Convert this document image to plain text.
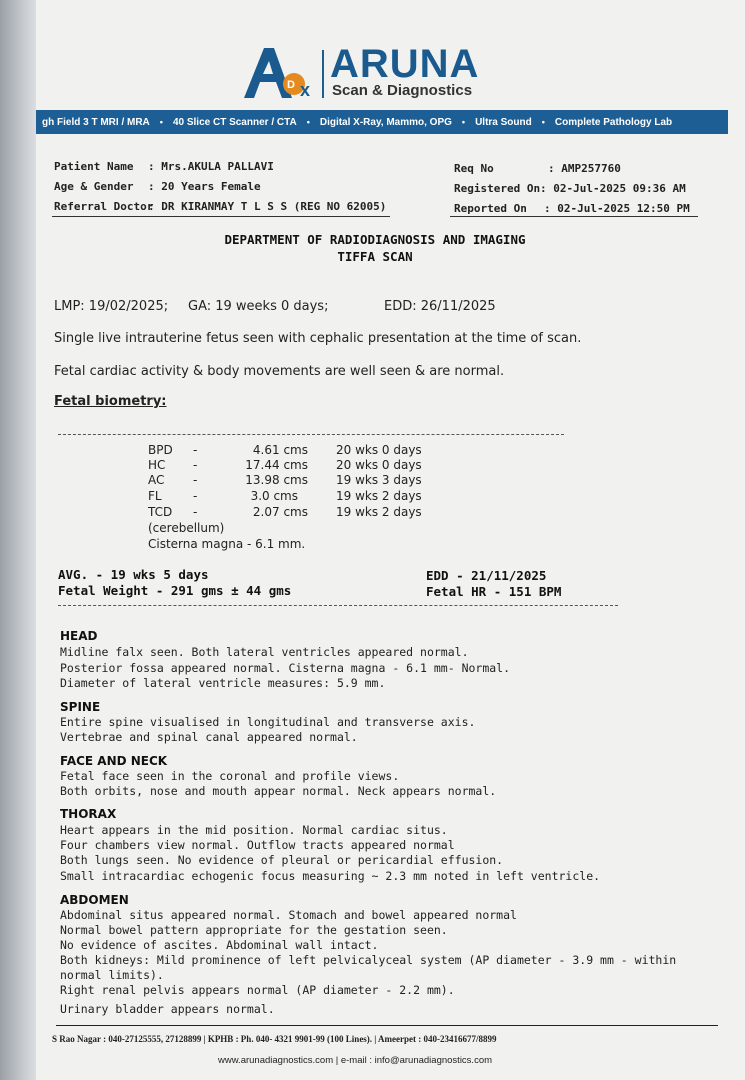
D x
ARUNA
Scan & Diagnostics
gh Field 3 T MRI / MRA • 40 Slice CT Scanner / CTA • Digital X-Ray, Mammo, OPG • Ultra Sound • Complete Pathology Lab
Patient Name : Mrs.AKULA PALLAVI
Age & Gender : 20 Years Female
Referral Doctor
: DR KIRANMAY T L S S (REG NO 62005)
Req No	: AMP257760
Registered On : 02-Jul-2025 09:36 AM
Reported On : 02-Jul-2025 12:50 PM
DEPARTMENT OF RADIODIAGNOSIS AND IMAGING
TIFFA SCAN
LMP: 19/02/2025; GA: 19 weeks 0 days;	EDD: 26/11/2025
Single live intrauterine fetus seen with cephalic presentation at the time of scan.
Fetal cardiac activity & body movements are well seen & are normal.
Fetal biometry:
BPD -	4.61 cms 20 wks 0 days
HC -	17.44 cms 20 wks 0 days
AC -	13.98 cms 19 wks 3 days
FL	-	3.0 cms	19 wks 2 days
TCD -	2.07 cms 19 wks 2 days
(cerebellum)
Cisterna magna - 6.1 mm.
AVG. - 19 wks 5 days
Fetal Weight - 291 gms ± 44 gms
EDD - 21/11/2025
Fetal HR - 151 BPM
HEAD
Midline falx seen. Both lateral ventricles appeared normal.
Posterior fossa appeared normal. Cisterna magna - 6.1 mm- Normal.
Diameter of lateral ventricle measures: 5.9 mm.
SPINE
Entire spine visualised in longitudinal and transverse axis.
Vertebrae and spinal canal appeared normal.
FACE AND NECK
Fetal face seen in the coronal and profile views.
Both orbits, nose and mouth appear normal. Neck appears normal.
THORAX
Heart appears in the mid position. Normal cardiac situs.
Four chambers view normal. Outflow tracts appeared normal
Both lungs seen. No evidence of pleural or pericardial effusion.
Small intracardiac echogenic focus measuring ~ 2.3 mm noted in left ventricle.
ABDOMEN
Abdominal situs appeared normal. Stomach and bowel appeared normal
Normal bowel pattern appropriate for the gestation seen.
No evidence of ascites. Abdominal wall intact.
Both kidneys: Mild prominence of left pelvicalyceal system (AP diameter - 3.9 mm - within
normal limits).
Right renal pelvis appears normal (AP diameter - 2.2 mm).
Urinary bladder appears normal.
S Rao Nagar : 040-27125555, 27128899 | KPHB : Ph. 040- 4321 9901-99 (100 Lines). | Ameerpet : 040-23416677/8899
www.arunadiagnostics.com | e-mail : info@arunadiagnostics.com
